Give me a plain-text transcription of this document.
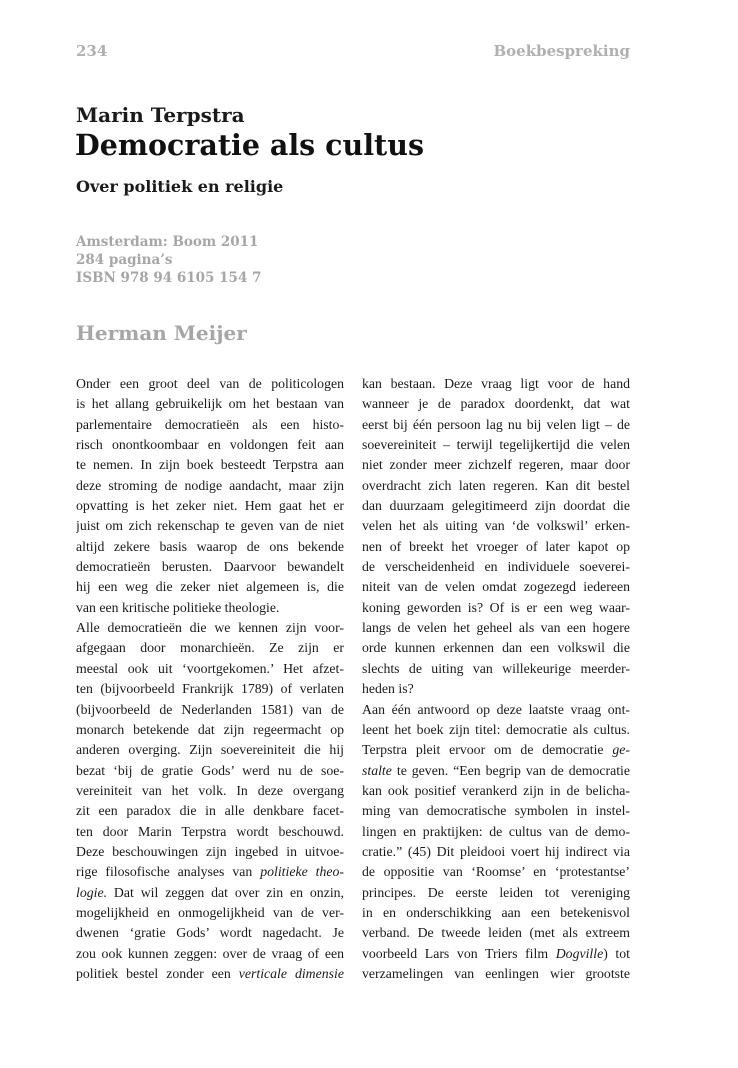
234	Boekbespreking
Marin Terpstra
Democratie als cultus
Over politiek en religie
Amsterdam: Boom 2011
284 pagina’s
ISBN 978 94 6105 154 7
Herman Meijer
Onder een groot deel van de politicologen
is het allang gebruikelijk om het bestaan van
parlementaire democratieën als een histo-
risch onontkoombaar en voldongen feit aan
te nemen. In zijn boek besteedt Terpstra aan
deze stroming de nodige aandacht, maar zijn
opvatting is het zeker niet. Hem gaat het er
juist om zich rekenschap te geven van de niet
altijd zekere basis waarop de ons bekende
democratieën berusten. Daarvoor bewandelt
hij een weg die zeker niet algemeen is, die
van een kritische politieke theologie.
Alle democratieën die we kennen zijn voor-
afgegaan door monarchieën. Ze zijn er
meestal ook uit ‘voortgekomen.’ Het afzet-
ten (bijvoorbeeld Frankrijk 1789) of verlaten
(bijvoorbeeld de Nederlanden 1581) van de
monarch betekende dat zijn regeermacht op
anderen overging. Zijn soevereiniteit die hij
bezat ‘bij de gratie Gods’ werd nu de soe-
vereiniteit van het volk. In deze overgang
zit een paradox die in alle denkbare facet-
ten door Marin Terpstra wordt beschouwd.
Deze beschouwingen zijn ingebed in uitvoe-
rige filosofische analyses van politieke theo-
logie. Dat wil zeggen dat over zin en onzin,
mogelijkheid en onmogelijkheid van de ver-
dwenen ‘gratie Gods’ wordt nagedacht. Je
zou ook kunnen zeggen: over de vraag of een
politiek bestel zonder een verticale dimensie
kan bestaan. Deze vraag ligt voor de hand
wanneer je de paradox doordenkt, dat wat
eerst bij één persoon lag nu bij velen ligt – de
soevereiniteit – terwijl tegelijkertijd die velen
niet zonder meer zichzelf regeren, maar door
overdracht zich laten regeren. Kan dit bestel
dan duurzaam gelegitimeerd zijn doordat die
velen het als uiting van ‘de volkswil’ erken-
nen of breekt het vroeger of later kapot op
de verscheidenheid en individuele soeverei-
niteit van de velen omdat zogezegd iedereen
koning geworden is? Of is er een weg waar-
langs de velen het geheel als van een hogere
orde kunnen erkennen dan een volkswil die
slechts de uiting van willekeurige meerder-
heden is?
Aan één antwoord op deze laatste vraag ont-
leent het boek zijn titel: democratie als cultus.
Terpstra pleit ervoor om de democratie ge-
stalte te geven. “Een begrip van de democratie
kan ook positief verankerd zijn in de belicha-
ming van democratische symbolen in instel-
lingen en praktijken: de cultus van de demo-
cratie.” (45) Dit pleidooi voert hij indirect via
de oppositie van ‘Roomse’ en ‘protestantse’
principes. De eerste leiden tot vereniging
in en onderschikking aan een betekenisvol
verband. De tweede leiden (met als extreem
voorbeeld Lars von Triers film Dogville) tot
verzamelingen van eenlingen wier grootste
